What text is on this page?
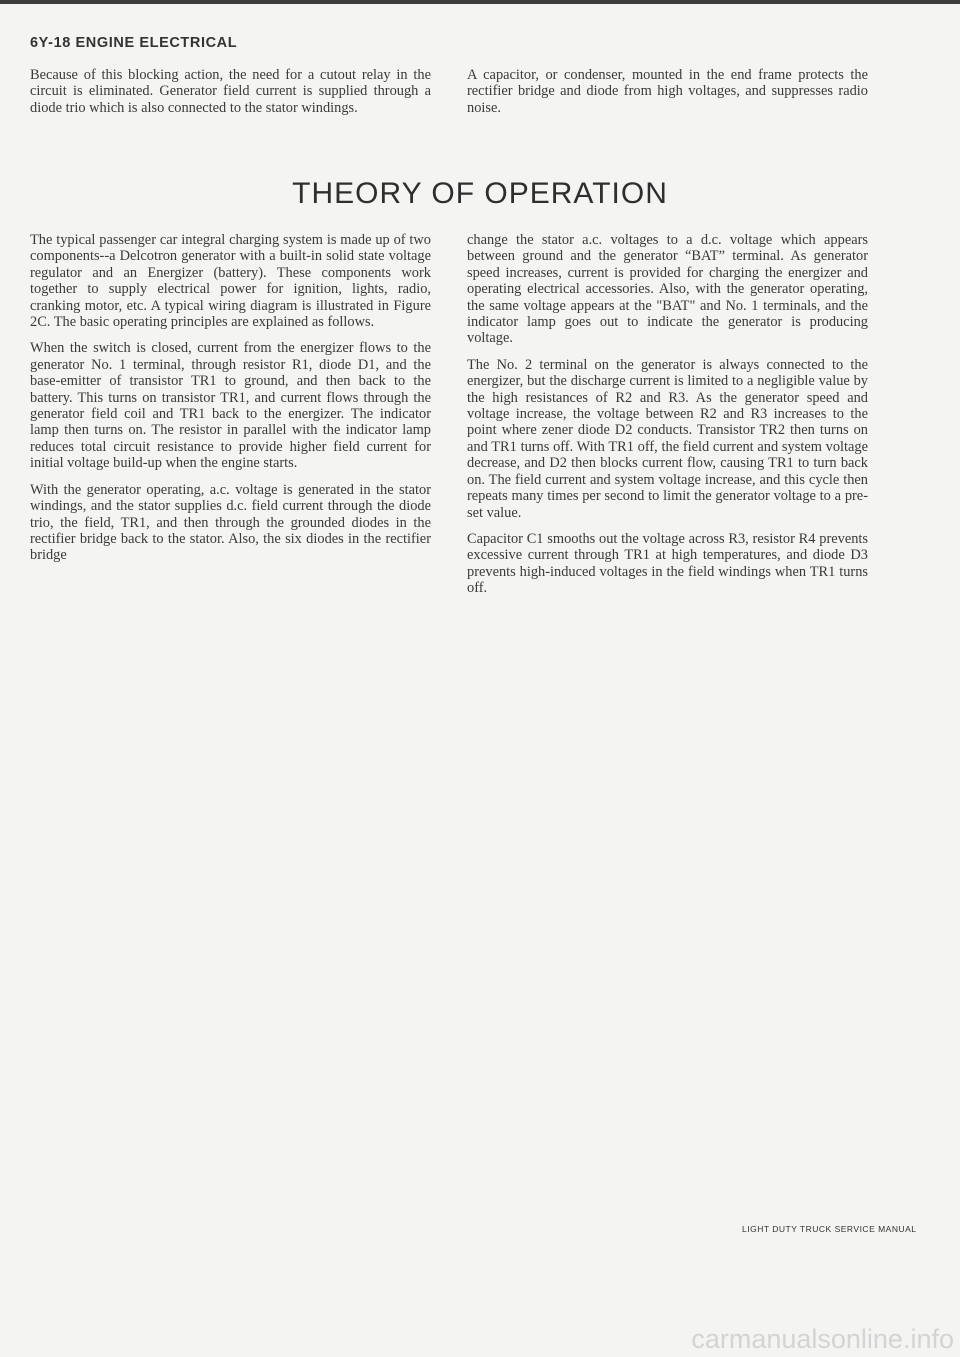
6Y-18 ENGINE ELECTRICAL

Because of this blocking action, the need for a cutout relay in the circuit is eliminated. Generator field current is supplied through a diode trio which is also connected to the stator windings.

A capacitor, or condenser, mounted in the end frame protects the rectifier bridge and diode from high voltages, and suppresses radio noise.

THEORY OF OPERATION

The typical passenger car integral charging system is made up of two components--a Delcotron generator with a built-in solid state voltage regulator and an Energizer (battery). These components work together to supply electrical power for ignition, lights, radio, cranking motor, etc. A typical wiring diagram is illustrated in Figure 2C. The basic operating principles are explained as follows.

When the switch is closed, current from the energizer flows to the generator No. 1 terminal, through resistor R1, diode D1, and the base-emitter of transistor TR1 to ground, and then back to the battery. This turns on transistor TR1, and current flows through the generator field coil and TR1 back to the energizer. The indicator lamp then turns on. The resistor in parallel with the indicator lamp reduces total circuit resistance to provide higher field current for initial voltage build-up when the engine starts.

With the generator operating, a.c. voltage is generated in the stator windings, and the stator supplies d.c. field current through the diode trio, the field, TR1, and then through the grounded diodes in the rectifier bridge back to the stator. Also, the six diodes in the rectifier bridge

change the stator a.c. voltages to a d.c. voltage which appears between ground and the generator “BAT” terminal. As generator speed increases, current is provided for charging the energizer and operating electrical accessories. Also, with the generator operating, the same voltage appears at the "BAT" and No. 1 terminals, and the indicator lamp goes out to indicate the generator is producing voltage.

The No. 2 terminal on the generator is always connected to the energizer, but the discharge current is limited to a negligible value by the high resistances of R2 and R3. As the generator speed and voltage increase, the voltage between R2 and R3 increases to the point where zener diode D2 conducts. Transistor TR2 then turns on and TR1 turns off. With TR1 off, the field current and system voltage decrease, and D2 then blocks current flow, causing TR1 to turn back on. The field current and system voltage increase, and this cycle then repeats many times per second to limit the generator voltage to a pre-set value.

Capacitor C1 smooths out the voltage across R3, resistor R4 prevents excessive current through TR1 at high temperatures, and diode D3 prevents high-induced voltages in the field windings when TR1 turns off.

LIGHT DUTY TRUCK SERVICE MANUAL
carmanualsonline.info
